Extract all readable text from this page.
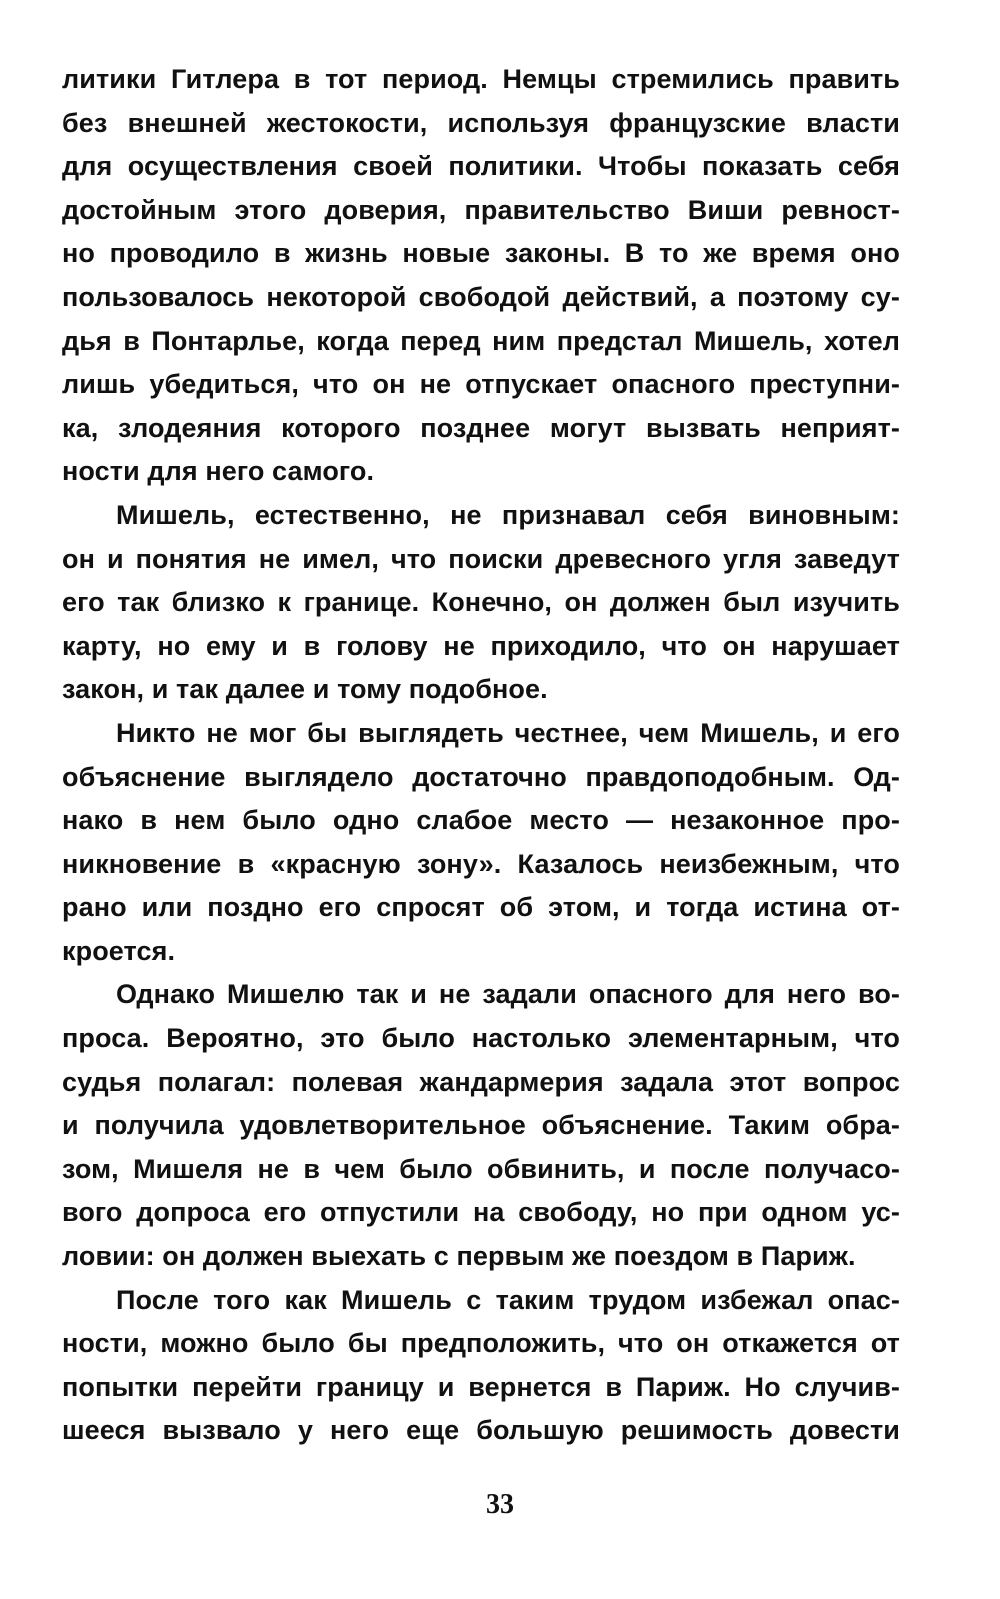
литики Гитлера в тот период. Немцы стремились править
без внешней жестокости, используя французские власти
для осуществления своей политики. Чтобы показать себя
достойным этого доверия, правительство Виши ревност-
но проводило в жизнь новые законы. В то же время оно
пользовалось некоторой свободой действий, а поэтому су-
дья в Понтарлье, когда перед ним предстал Мишель, хотел
лишь убедиться, что он не отпускает опасного преступни-
ка, злодеяния которого позднее могут вызвать неприят-
ности для него самого.
Мишель, естественно, не признавал себя виновным:
он и понятия не имел, что поиски древесного угля заведут
его так близко к границе. Конечно, он должен был изучить
карту, но ему и в голову не приходило, что он нарушает
закон, и так далее и тому подобное.
Никто не мог бы выглядеть честнее, чем Мишель, и его
объяснение выглядело достаточно правдоподобным. Од-
нако в нем было одно слабое место — незаконное про-
никновение в «красную зону». Казалось неизбежным, что
рано или поздно его спросят об этом, и тогда истина от-
кроется.
Однако Мишелю так и не задали опасного для него во-
проса. Вероятно, это было настолько элементарным, что
судья полагал: полевая жандармерия задала этот вопрос
и получила удовлетворительное объяснение. Таким обра-
зом, Мишеля не в чем было обвинить, и после получасо-
вого допроса его отпустили на свободу, но при одном ус-
ловии: он должен выехать с первым же поездом в Париж.
После того как Мишель с таким трудом избежал опас-
ности, можно было бы предположить, что он откажется от
попытки перейти границу и вернется в Париж. Но случив-
шееся вызвало у него еще большую решимость довести
33
